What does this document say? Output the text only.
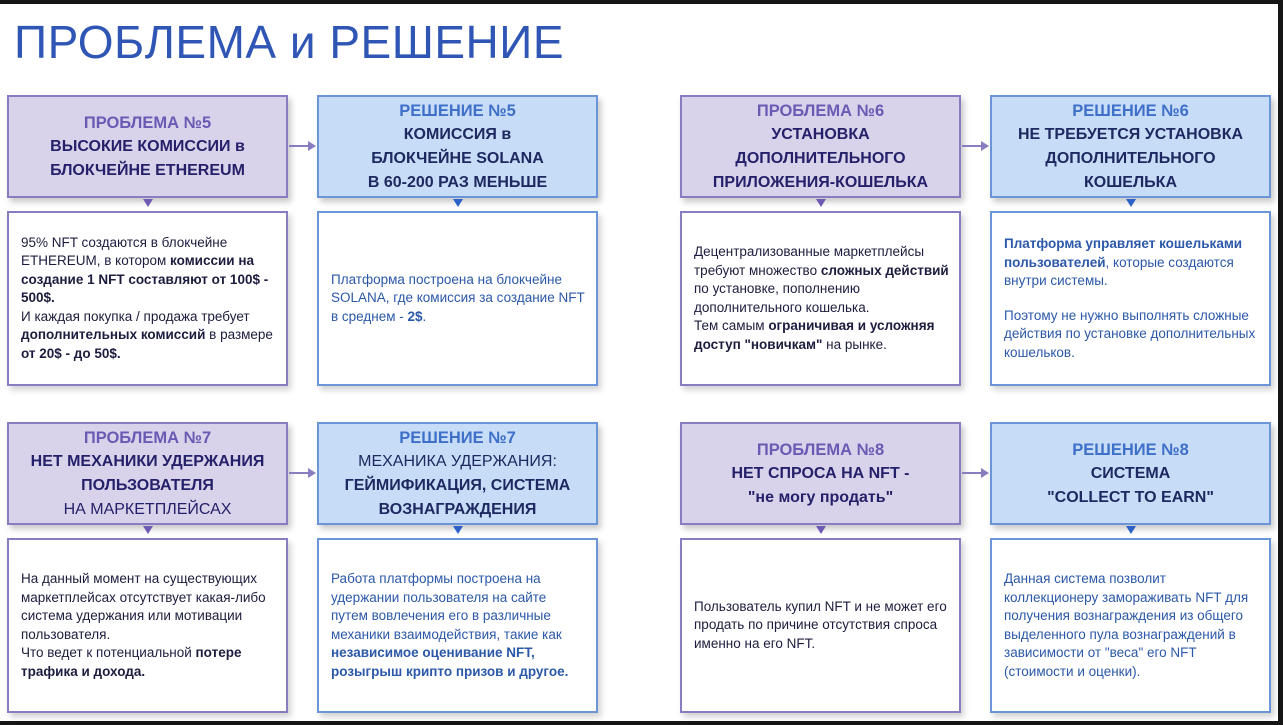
ПРОБЛЕМА и РЕШЕНИЕ
ПРОБЛЕМА №5
ВЫСОКИЕ КОМИССИИ в
БЛОКЧЕЙНЕ ETHEREUM
РЕШЕНИЕ №5
КОМИССИЯ в
БЛОКЧЕЙНЕ SOLANA
В 60-200 РАЗ МЕНЬШЕ
95% NFT создаются в блокчейне ETHEREUM, в котором комиссии на создание 1 NFT составляют от 100$ - 500$.
И каждая покупка / продажа требует дополнительных комиссий в размере от 20$ - до 50$.
Платформа построена на блокчейне SOLANA, где комиссия за создание NFT в среднем - 2$.
ПРОБЛЕМА №6
УСТАНОВКА
ДОПОЛНИТЕЛЬНОГО
ПРИЛОЖЕНИЯ-КОШЕЛЬКА
РЕШЕНИЕ №6
НЕ ТРЕБУЕТСЯ УСТАНОВКА
ДОПОЛНИТЕЛЬНОГО
КОШЕЛЬКА
Децентрализованные маркетплейсы требуют множество сложных действий по установке, пополнению дополнительного кошелька.
Тем самым ограничивая и усложняя доступ "новичкам" на рынке.
Платформа управляет кошельками пользователей, которые создаются внутри системы.
Поэтому не нужно выполнять сложные действия по установке дополнительных кошельков.
ПРОБЛЕМА №7
НЕТ МЕХАНИКИ УДЕРЖАНИЯ
ПОЛЬЗОВАТЕЛЯ
НА МАРКЕТПЛЕЙСАХ
РЕШЕНИЕ №7
МЕХАНИКА УДЕРЖАНИЯ:
ГЕЙМИФИКАЦИЯ, СИСТЕМА
ВОЗНАГРАЖДЕНИЯ
На данный момент на существующих маркетплейсах отсутствует какая-либо система удержания или мотивации пользователя.
Что ведет к потенциальной потере трафика и дохода.
Работа платформы построена на удержании пользователя на сайте путем вовлечения его в различные механики взаимодействия, такие как независимое оценивание NFT, розыгрыш крипто призов и другое.
ПРОБЛЕМА №8
НЕТ СПРОСА НА NFT -
"не могу продать"
РЕШЕНИЕ №8
СИСТЕМА
"COLLECT TO EARN"
Пользователь купил NFT и не может его продать по причине отсутствия спроса именно на его NFT.
Данная система позволит коллекционеру замораживать NFT для получения вознаграждения из общего выделенного пула вознаграждений в зависимости от "веса" его NFT (стоимости и оценки).
